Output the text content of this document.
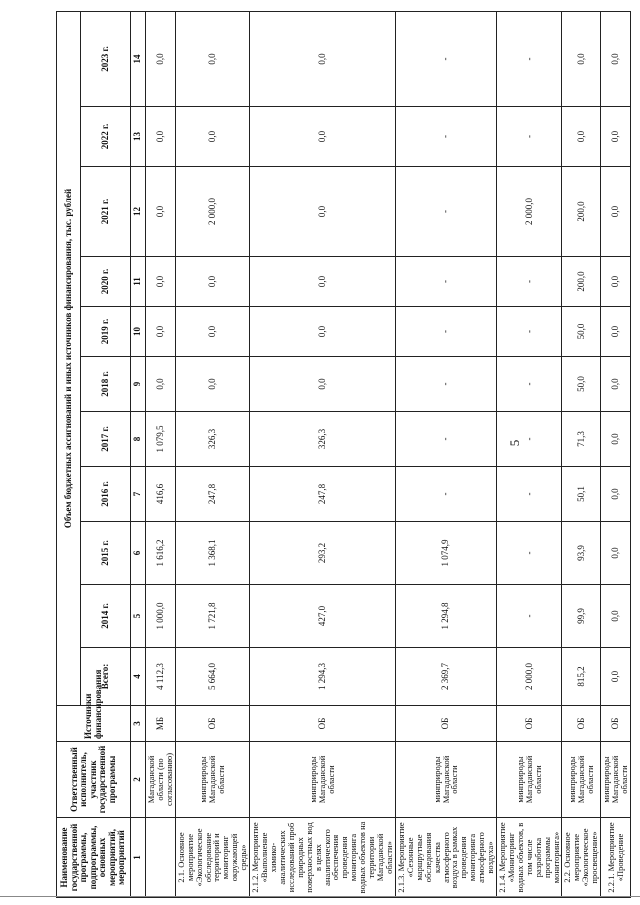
5
Наименование государственной программы, подпрограммы, основных мероприятий, мероприятий	Ответственный исполнитель, участник государственной программы	Источники финансирования	Объем бюджетных ассигнований и иных источников финансирования, тыс. рублей										
			Всего:	2014 г.	2015 г.	2016 г.	2017 г.	2018 г.	2019 г.	2020 г.	2021 г.	2022 г.	2023 г.
1	2	3	4	5	6	7	8	9	10	11	12	13	14
	Магаданской области (по согласованию)	МБ	4 112,3	1 000,0	1 616,2	416,6	1 079,5	0,0	0,0	0,0	0,0	0,0	0,0
2.1. Основное мероприятие «Экологическое обследование территорий и мониторинг окружающей среды»	минприроды Магаданской области	ОБ	5 664,0	1 721,8	1 368,1	247,8	326,3	0,0	0,0	0,0	2 000,0	0,0	0,0
2.1.2. Мероприятие «Выполнение химико-аналитических исследований проб природных поверхностных вод в целях аналитического обеспечения проведения мониторинга водных объектов на территории Магаданской области»	минприроды Магаданской области	ОБ	1 294,3	427,0	293,2	247,8	326,3	0,0	0,0	0,0	0,0	0,0	0,0
2.1.3. Мероприятие «Сезонные маршрутные обследования качества атмосферного воздуха в рамках проведения мониторинга атмосферного воздуха»	минприроды Магаданской области	ОБ	2 369,7	1 294,8	1 074,9	-	-	-	-	-	-	-	-
2.1.4. Мероприятие «Мониторинг водных объектов, в том числе разработка программы мониторинга»	минприроды Магаданской области	ОБ	2 000,0	-	-	-	-	-	-	-	2 000,0	-	-
2.2. Основное мероприятие «Экологическое просвещение»	минприроды Магаданской области	ОБ	815,2	99,9	93,9	50,1	71,3	50,0	50,0	200,0	200,0	0,0	0,0
2.2.1. Мероприятие «Проведение	минприроды Магаданской области	ОБ	0,0	0,0	0,0	0,0	0,0	0,0	0,0	0,0	0,0	0,0	0,0
